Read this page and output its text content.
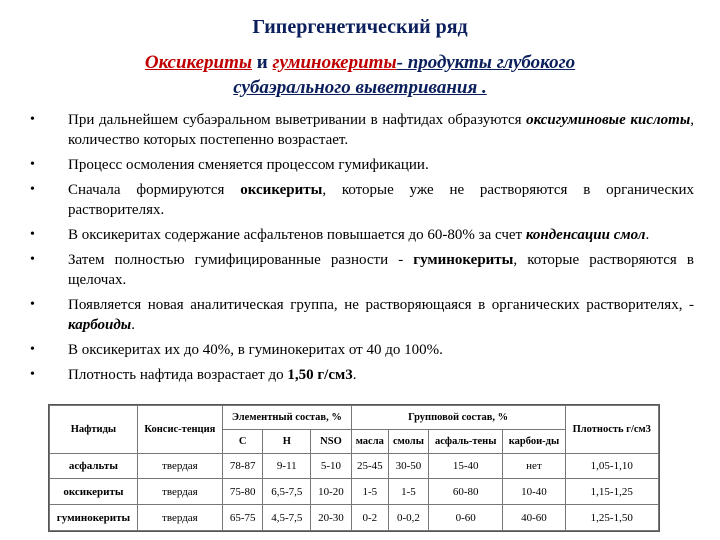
Гипергенетический ряд
Оксикериты и гуминокериты- продукты глубокого
субаэрального выветривания .
•	При дальнейшем субаэральном выветривании в нафтидах образуются оксигуминовые кислоты, количество которых постепенно возрастает.
•	Процесс осмоления сменяется процессом гумификации.
•	Сначала формируются оксикериты, которые уже не растворяются в органических растворителях.
•	В оксикеритах содержание асфальтенов повышается до 60-80% за счет конденсации смол.
•	Затем полностью гумифицированные разности - гуминокериты, которые растворяются в щелочах.
•	Появляется новая аналитическая группа, не растворяющаяся в органических растворителях, - карбоиды.
•	В оксикеритах их до 40%, в гуминокеритах от 40 до 100%.
•	Плотность нафтида возрастает до 1,50 г/см3.
Нафтиды	Консис-тенция	Элементный состав, %			Групповой состав, %				Плотность г/см3
		C	H	NSO	масла	смолы	асфаль-тены	карбои-ды	
асфальты	твердая	78-87	9-11	5-10	25-45	30-50	15-40	нет	1,05-1,10
оксикериты	твердая	75-80	6,5-7,5	10-20	1-5	1-5	60-80	10-40	1,15-1,25
гуминокериты	твердая	65-75	4,5-7,5	20-30	0-2	0-0,2	0-60	40-60	1,25-1,50
